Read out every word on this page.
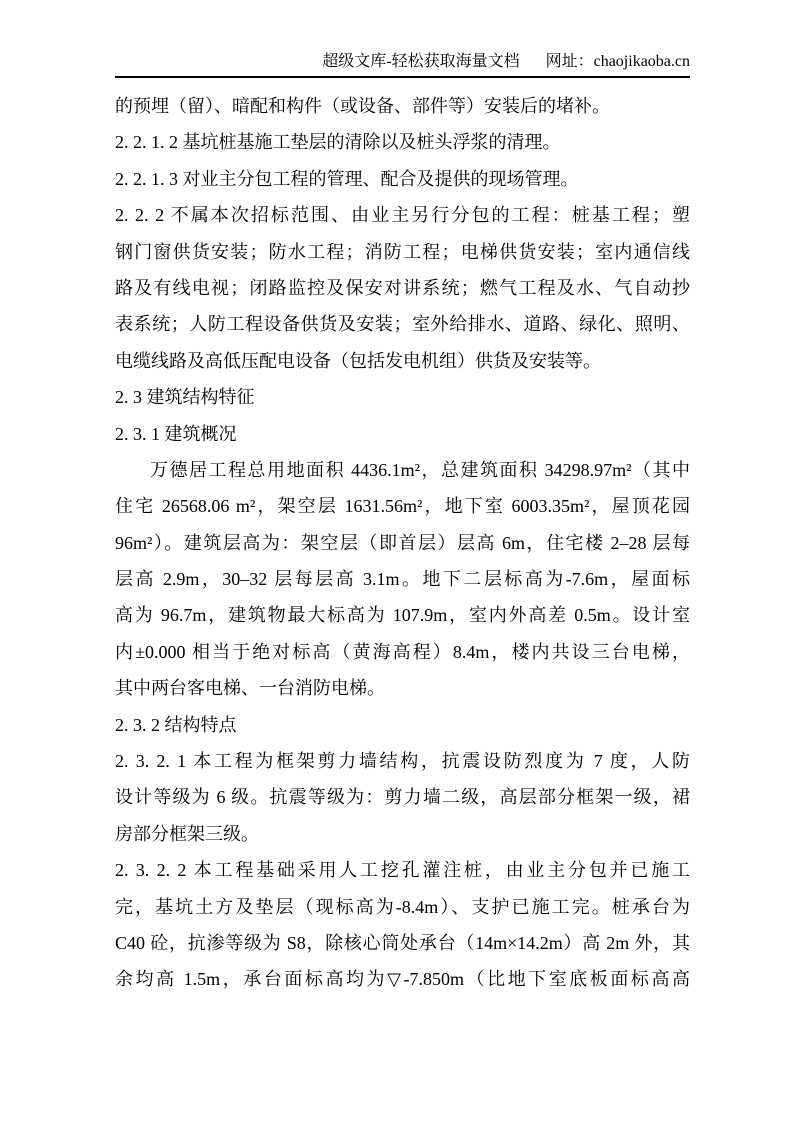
超级文库-轻松获取海量文档 网址： chaojikaoba.cn
的预埋（留）、暗配和构件（或设备、部件等）安装后的堵补。
2. 2. 1. 2 基坑桩基施工垫层的清除以及桩头浮浆的清理。
2. 2. 1. 3 对业主分包工程的管理、配合及提供的现场管理。
2. 2. 2 不属本次招标范围、由业主另行分包的工程：桩基工程；塑
钢门窗供货安装；防水工程；消防工程；电梯供货安装；室内通信线
路及有线电视；闭路监控及保安对讲系统；燃气工程及水、气自动抄
表系统；人防工程设备供货及安装；室外给排水、道路、绿化、照明、
电缆线路及高低压配电设备（包括发电机组）供货及安装等。
2. 3 建筑结构特征
2. 3. 1 建筑概况
万德居工程总用地面积 4436.1m²，总建筑面积 34298.97m²（其中
住宅 26568.06 m²，架空层 1631.56m²，地下室 6003.35m²，屋顶花园
96m²）。建筑层高为：架空层（即首层）层高 6m，住宅楼 2–28 层每
层高 2.9m，30–32 层每层高 3.1m。地下二层标高为-7.6m，屋面标
高为 96.7m，建筑物最大标高为 107.9m，室内外高差 0.5m。设计室
内±0.000 相当于绝对标高（黄海高程）8.4m，楼内共设三台电梯，
其中两台客电梯、一台消防电梯。
2. 3. 2 结构特点
2. 3. 2. 1 本工程为框架剪力墙结构，抗震设防烈度为 7 度，人防
设计等级为 6 级。抗震等级为：剪力墙二级，高层部分框架一级，裙
房部分框架三级。
2. 3. 2. 2 本工程基础采用人工挖孔灌注桩，由业主分包并已施工
完，基坑土方及垫层（现标高为-8.4m）、支护已施工完。桩承台为
C40 砼，抗渗等级为 S8，除核心筒处承台（14m×14.2m）高 2m 外，其
余均高 1.5m，承台面标高均为▽-7.850m（比地下室底板面标高高
